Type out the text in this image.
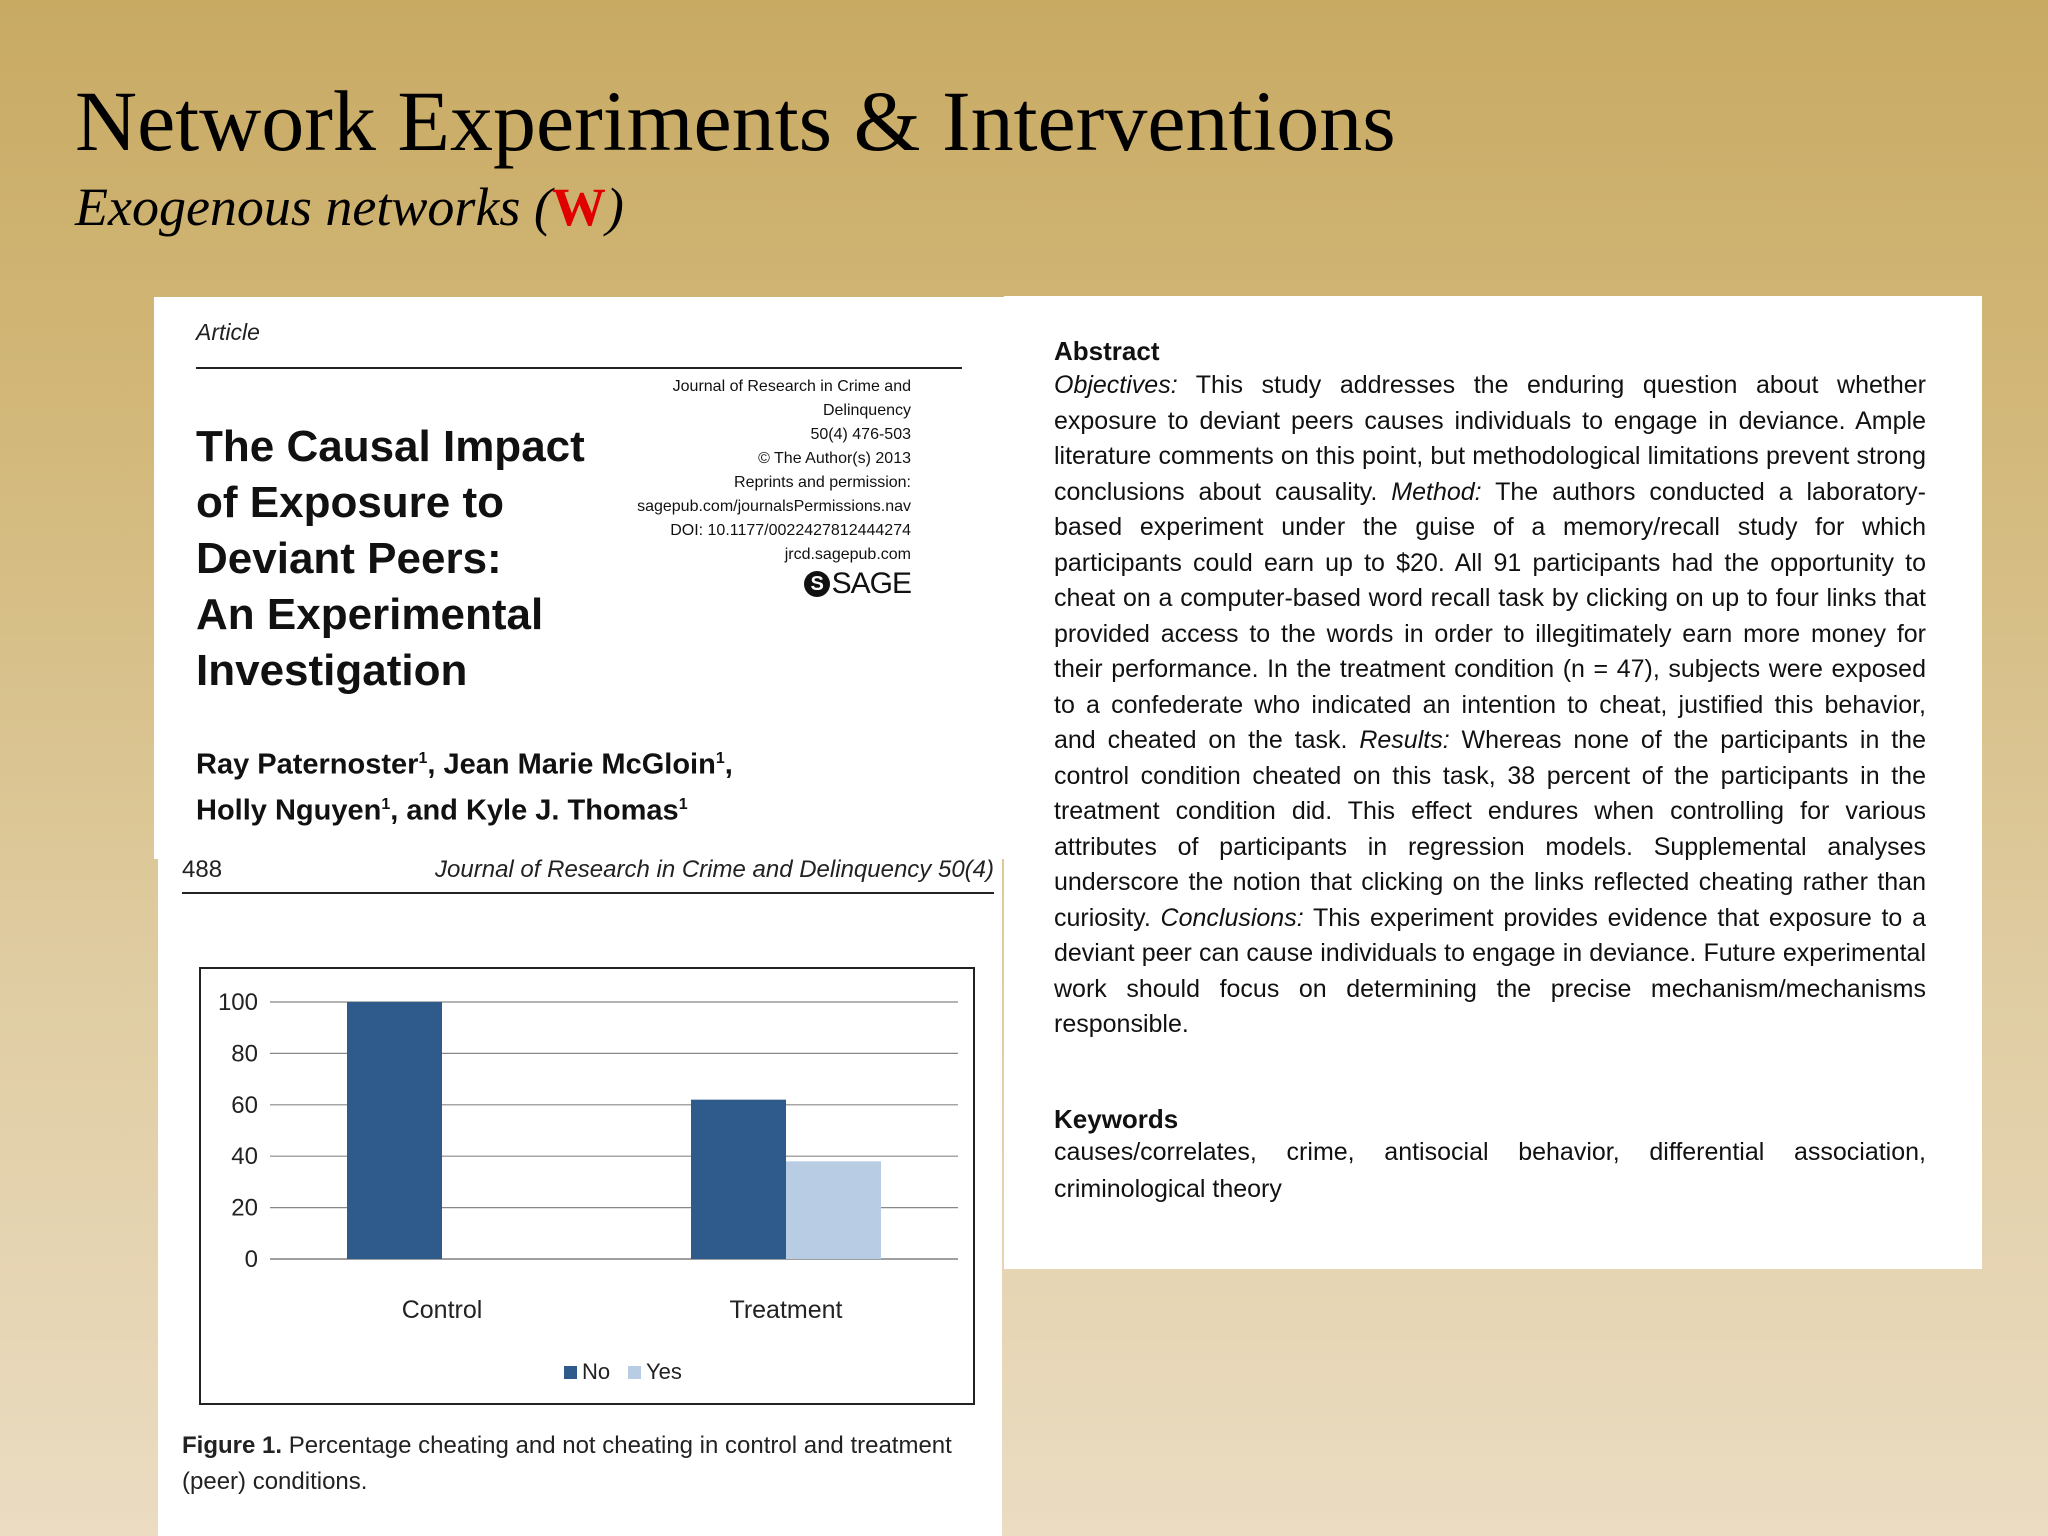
Network Experiments & Interventions
Exogenous networks (W)
Article
Journal of Research in Crime and
Delinquency
50(4) 476-503
© The Author(s) 2013
Reprints and permission:
sagepub.com/journalsPermissions.nav
DOI: 10.1177/0022427812444274
jrcd.sagepub.com
S SAGE
The Causal Impact
of Exposure to
Deviant Peers:
An Experimental
Investigation
Ray Paternoster$^1$, Jean Marie McGloin$^1$,
Holly Nguyen$^1$, and Kyle J. Thomas$^1$
488	Journal of Research in Crime and Delinquency 50(4)
0
20
40
60
80
100
Control	Treatment
No Yes
Figure 1. Percentage cheating and not cheating in control and treatment (peer) conditions.
Abstract
Objectives: This study addresses the enduring question about whether exposure to deviant peers causes individuals to engage in deviance. Ample literature comments on this point, but methodological limitations prevent strong conclusions about causality. Method: The authors conducted a laboratory-based experiment under the guise of a memory/recall study for which participants could earn up to $20. All 91 participants had the opportunity to cheat on a computer-based word recall task by clicking on up to four links that provided access to the words in order to illegitimately earn more money for their performance. In the treatment condition (n = 47), subjects were exposed to a confederate who indicated an intention to cheat, justified this behavior, and cheated on the task. Results: Whereas none of the participants in the control condition cheated on this task, 38 percent of the participants in the treatment condition did. This effect endures when controlling for various attributes of participants in regression models. Supplemental analyses underscore the notion that clicking on the links reflected cheating rather than curiosity. Conclusions: This experiment provides evidence that exposure to a deviant peer can cause individuals to engage in deviance. Future experimental work should focus on determining the precise mechanism/mechanisms responsible.
Keywords
causes/correlates, crime, antisocial behavior, differential association, criminological theory
